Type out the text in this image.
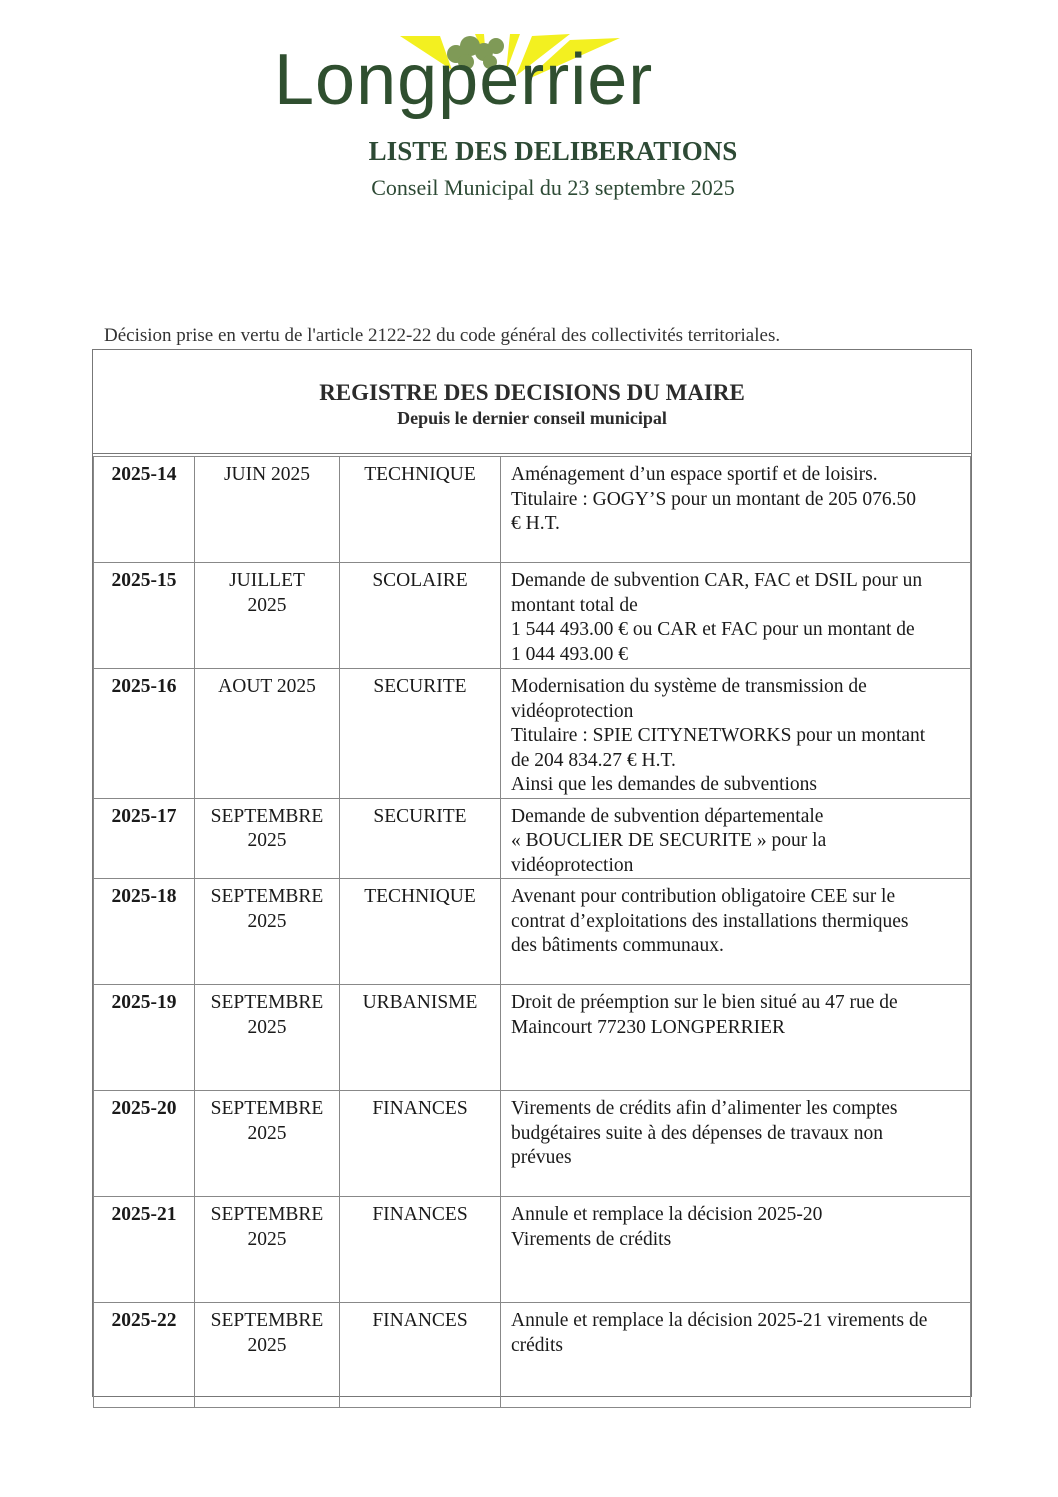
Longperrier

LISTE DES DELIBERATIONS

Conseil Municipal du 23 septembre 2025

Décision prise en vertu de l'article 2122-22 du code général des collectivités territoriales.

REGISTRE DES DECISIONS DU MAIRE

Depuis le dernier conseil municipal

2025-14	JUIN 2025	TECHNIQUE	Aménagement d’un espace sportif et de loisirs.
Titulaire : GOGY’S pour un montant de 205 076.50
€ H.T.

2025-15	JUILLET
2025	SCOLAIRE	Demande de subvention CAR, FAC et DSIL pour un
montant total de
1 544 493.00 € ou CAR et FAC pour un montant de
1 044 493.00 €

2025-16	AOUT 2025	SECURITE	Modernisation du système de transmission de
vidéoprotection
Titulaire : SPIE CITYNETWORKS pour un montant
de 204 834.27 € H.T.
Ainsi que les demandes de subventions

2025-17	SEPTEMBRE
2025	SECURITE	Demande de subvention départementale
« BOUCLIER DE SECURITE » pour la
vidéoprotection

2025-18	SEPTEMBRE
2025	TECHNIQUE	Avenant pour contribution obligatoire CEE sur le
contrat d’exploitations des installations thermiques
des bâtiments communaux.

2025-19	SEPTEMBRE
2025	URBANISME	Droit de préemption sur le bien situé au 47 rue de
Maincourt 77230 LONGPERRIER

2025-20	SEPTEMBRE
2025	FINANCES	Virements de crédits afin d’alimenter les comptes
budgétaires suite à des dépenses de travaux non
prévues

2025-21	SEPTEMBRE
2025	FINANCES	Annule et remplace la décision 2025-20
Virements de crédits

2025-22	SEPTEMBRE
2025	FINANCES	Annule et remplace la décision 2025-21 virements de
crédits
